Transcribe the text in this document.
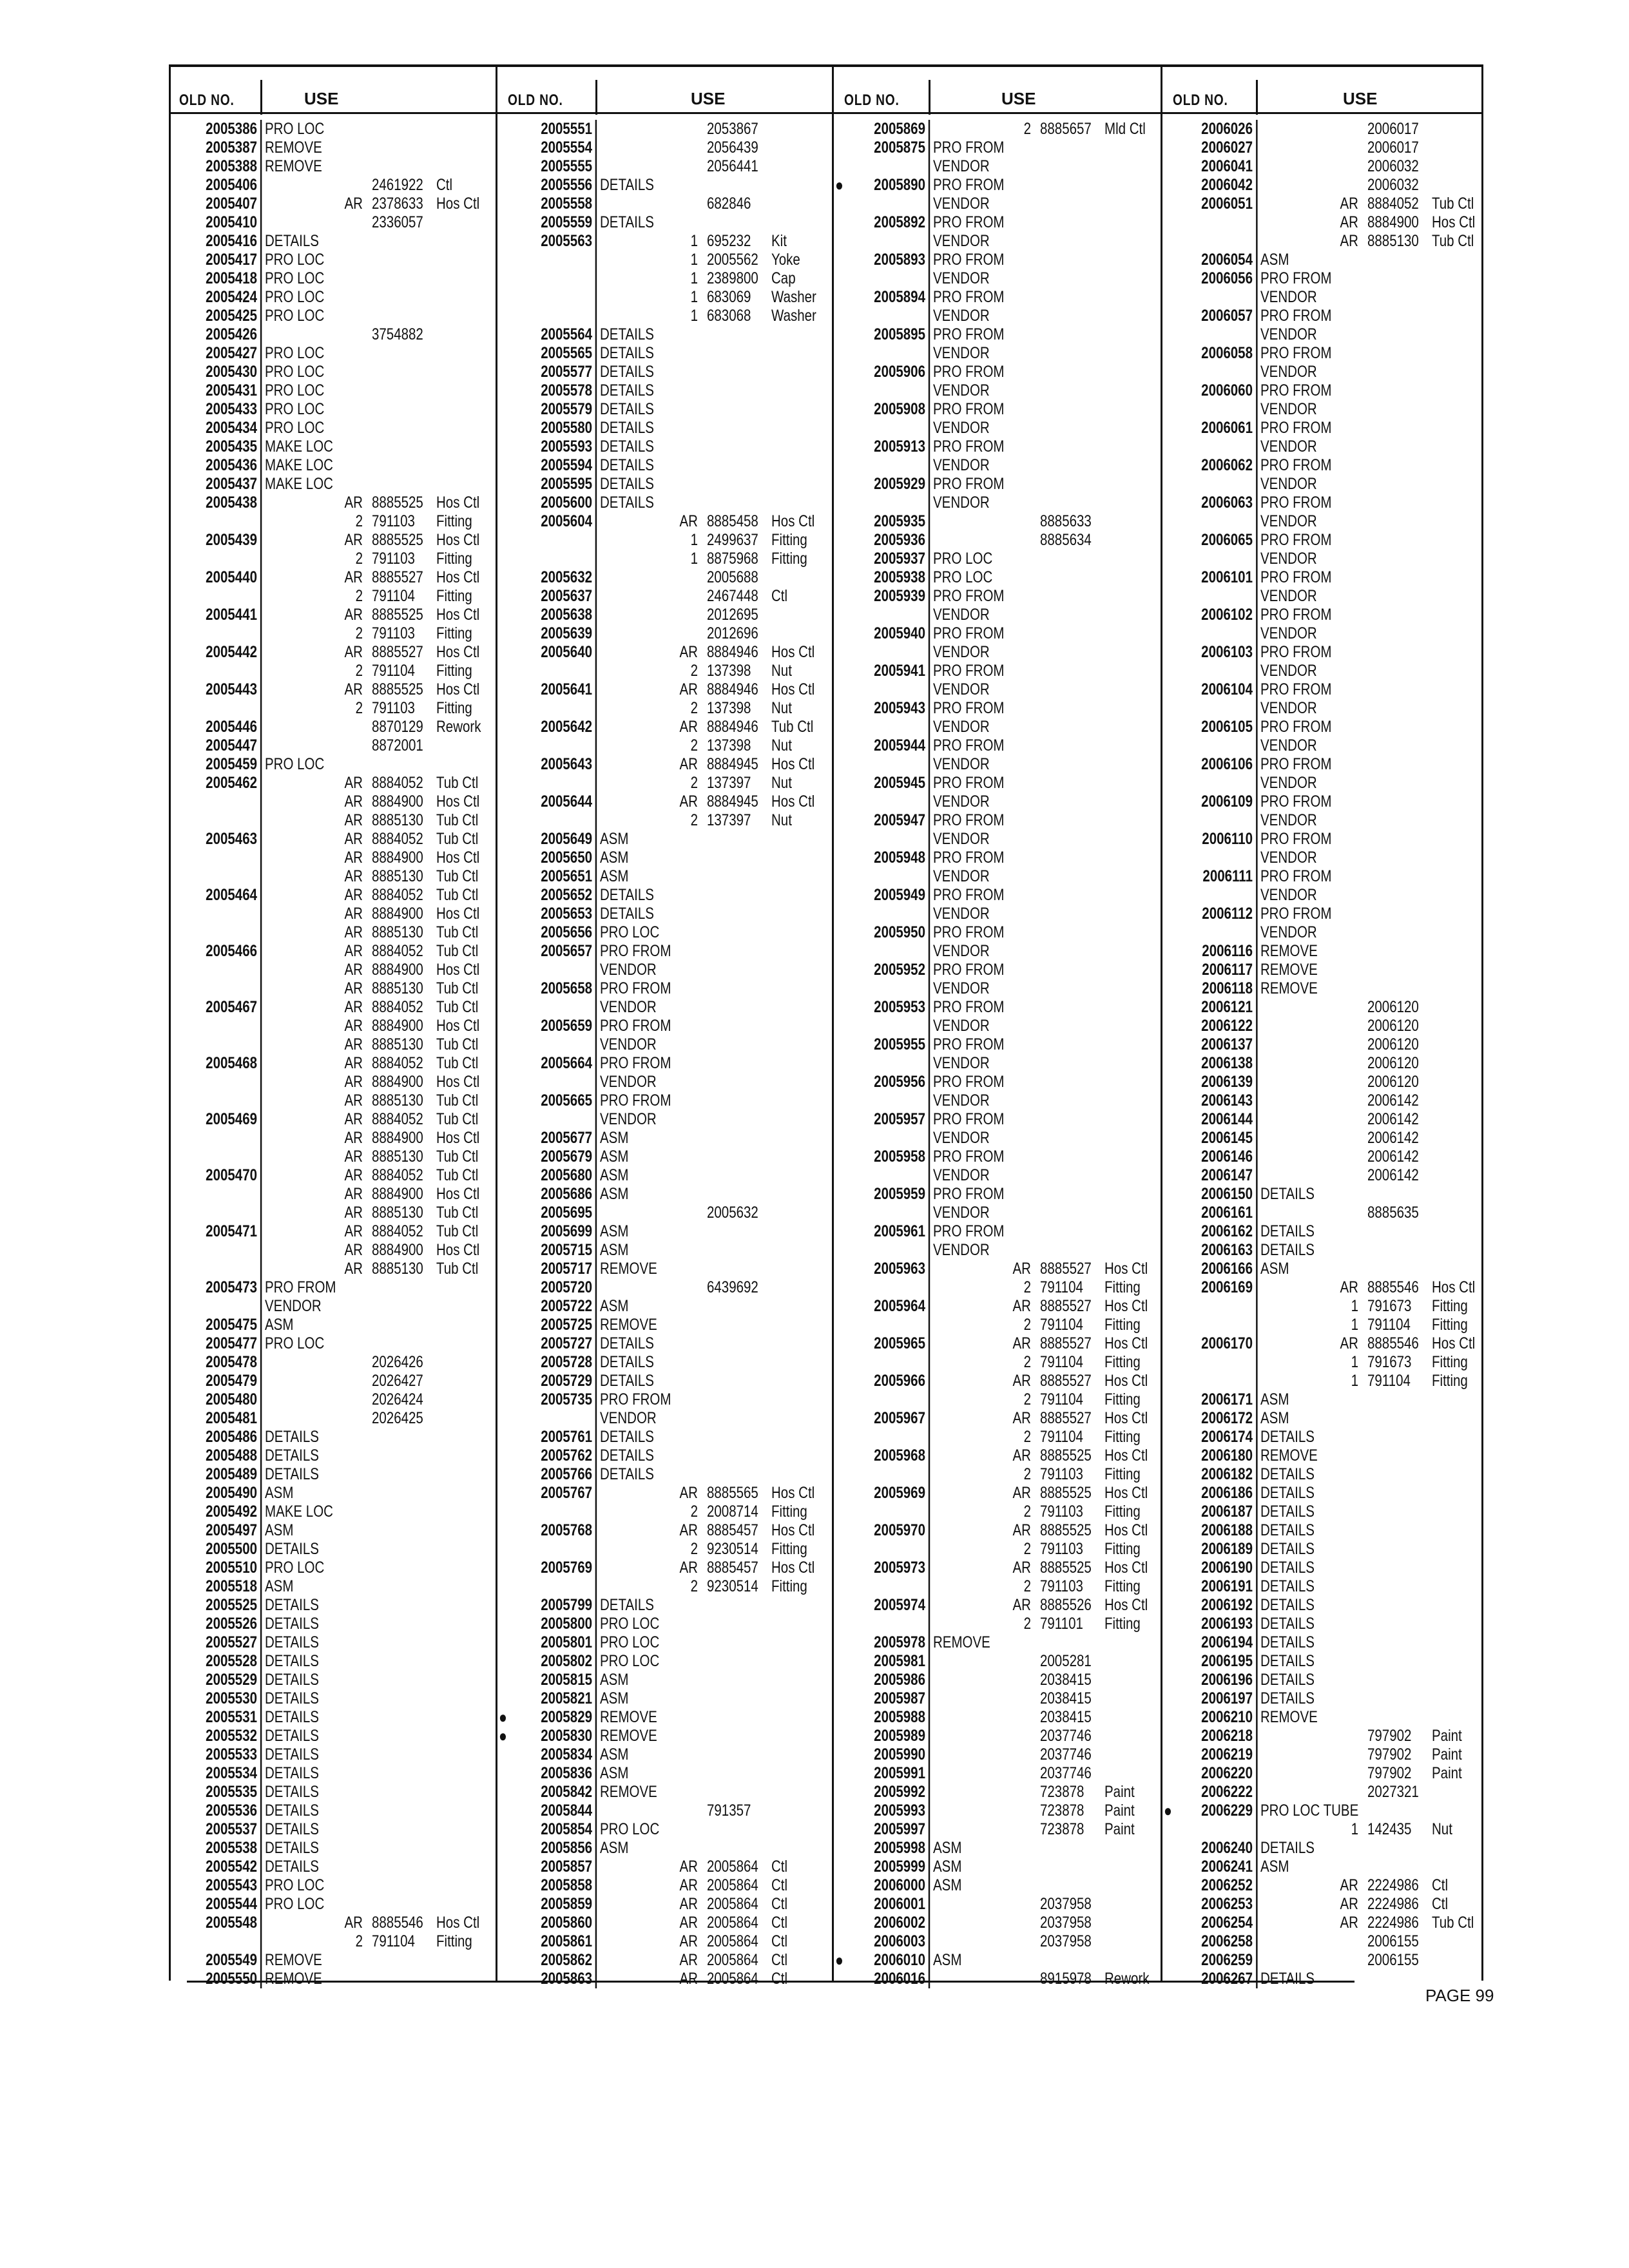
OLD NO.	USE
2005386 PRO LOC
2005387 REMOVE
2005388 REMOVE
2005406	2461922 Ctl
2005407	AR 2378633 Hos Ctl
2005410	2336057
2005416 DETAILS
2005417 PRO LOC
2005418 PRO LOC
2005424 PRO LOC
2005425 PRO LOC
2005426	3754882
2005427 PRO LOC
2005430 PRO LOC
2005431 PRO LOC
2005433 PRO LOC
2005434 PRO LOC
2005435 MAKE LOC
2005436 MAKE LOC
2005437 MAKE LOC
2005438	AR 8885525 Hos Ctl
2 791103 Fitting
2005439	AR 8885525 Hos Ctl
2 791103 Fitting
2005440	AR 8885527 Hos Ctl
2 791104 Fitting
2005441	AR 8885525 Hos Ctl
2 791103 Fitting
2005442	AR 8885527 Hos Ctl
2 791104 Fitting
2005443	AR 8885525 Hos Ctl
2 791103 Fitting
2005446	8870129 Rework
2005447	8872001
2005459 PRO LOC
2005462	AR 8884052 Tub Ctl
AR 8884900 Hos Ctl
AR 8885130 Tub Ctl
2005463	AR 8884052 Tub Ctl
AR 8884900 Hos Ctl
AR 8885130 Tub Ctl
2005464	AR 8884052 Tub Ctl
AR 8884900 Hos Ctl
AR 8885130 Tub Ctl
2005466	AR 8884052 Tub Ctl
AR 8884900 Hos Ctl
AR 8885130 Tub Ctl
2005467	AR 8884052 Tub Ctl
AR 8884900 Hos Ctl
AR 8885130 Tub Ctl
2005468	AR 8884052 Tub Ctl
AR 8884900 Hos Ctl
AR 8885130 Tub Ctl
2005469	AR 8884052 Tub Ctl
AR 8884900 Hos Ctl
AR 8885130 Tub Ctl
2005470	AR 8884052 Tub Ctl
AR 8884900 Hos Ctl
AR 8885130 Tub Ctl
2005471	AR 8884052 Tub Ctl
AR 8884900 Hos Ctl
AR 8885130 Tub Ctl
2005473 PRO FROM
VENDOR
2005475 ASM
2005477 PRO LOC
2005478	2026426
2005479	2026427
2005480	2026424
2005481	2026425
2005486 DETAILS
2005488 DETAILS
2005489 DETAILS
2005490 ASM
2005492 MAKE LOC
2005497 ASM
2005500 DETAILS
2005510 PRO LOC
2005518 ASM
2005525 DETAILS
2005526 DETAILS
2005527 DETAILS
2005528 DETAILS
2005529 DETAILS
2005530 DETAILS
2005531 DETAILS
2005532 DETAILS
2005533 DETAILS
2005534 DETAILS
2005535 DETAILS
2005536 DETAILS
2005537 DETAILS
2005538 DETAILS
2005542 DETAILS
2005543 PRO LOC
2005544 PRO LOC
2005548	AR 8885546 Hos Ctl
2 791104 Fitting
2005549 REMOVE
2005550 REMOVE
OLD NO.	USE
2005551	2053867
2005554	2056439
2005555	2056441
2005556 DETAILS
2005558	682846
2005559 DETAILS
2005563	1 695232 Kit
1 2005562 Yoke
1 2389800 Cap
1 683069 Washer
1 683068 Washer
2005564 DETAILS
2005565 DETAILS
2005577 DETAILS
2005578 DETAILS
2005579 DETAILS
2005580 DETAILS
2005593 DETAILS
2005594 DETAILS
2005595 DETAILS
2005600 DETAILS
2005604	AR 8885458 Hos Ctl
1 2499637 Fitting
1 8875968 Fitting
2005632	2005688
2005637	2467448 Ctl
2005638	2012695
2005639	2012696
2005640	AR 8884946 Hos Ctl
2 137398 Nut
2005641	AR 8884946 Hos Ctl
2 137398 Nut
2005642	AR 8884946 Tub Ctl
2 137398 Nut
2005643	AR 8884945 Hos Ctl
2 137397 Nut
2005644	AR 8884945 Hos Ctl
2 137397 Nut
2005649 ASM
2005650 ASM
2005651 ASM
2005652 DETAILS
2005653 DETAILS
2005656 PRO LOC
2005657 PRO FROM
VENDOR
2005658 PRO FROM
VENDOR
2005659 PRO FROM
VENDOR
2005664 PRO FROM
VENDOR
2005665 PRO FROM
VENDOR
2005677 ASM
2005679 ASM
2005680 ASM
2005686 ASM
2005695	2005632
2005699 ASM
2005715 ASM
2005717 REMOVE
2005720	6439692
2005722 ASM
2005725 REMOVE
2005727 DETAILS
2005728 DETAILS
2005729 DETAILS
2005735 PRO FROM
VENDOR
2005761 DETAILS
2005762 DETAILS
2005766 DETAILS
2005767	AR 8885565 Hos Ctl
2 2008714 Fitting
2005768	AR 8885457 Hos Ctl
2 9230514 Fitting
2005769	AR 8885457 Hos Ctl
2 9230514 Fitting
2005799 DETAILS
2005800 PRO LOC
2005801 PRO LOC
2005802 PRO LOC
2005815 ASM
2005821 ASM
●	2005829 REMOVE
●	2005830 REMOVE
2005834 ASM
2005836 ASM
2005842 REMOVE
2005844	791357
2005854 PRO LOC
2005856 ASM
2005857	AR 2005864 Ctl
2005858	AR 2005864 Ctl
2005859	AR 2005864 Ctl
2005860	AR 2005864 Ctl
2005861	AR 2005864 Ctl
2005862	AR 2005864 Ctl
2005863	AR 2005864 Ctl
OLD NO.	USE
2005869	2 8885657 Mld Ctl
2005875 PRO FROM
VENDOR
●	2005890 PRO FROM
VENDOR
2005892 PRO FROM
VENDOR
2005893 PRO FROM
VENDOR
2005894 PRO FROM
VENDOR
2005895 PRO FROM
VENDOR
2005906 PRO FROM
VENDOR
2005908 PRO FROM
VENDOR
2005913 PRO FROM
VENDOR
2005929 PRO FROM
VENDOR
2005935	8885633
2005936	8885634
2005937 PRO LOC
2005938 PRO LOC
2005939 PRO FROM
VENDOR
2005940 PRO FROM
VENDOR
2005941 PRO FROM
VENDOR
2005943 PRO FROM
VENDOR
2005944 PRO FROM
VENDOR
2005945 PRO FROM
VENDOR
2005947 PRO FROM
VENDOR
2005948 PRO FROM
VENDOR
2005949 PRO FROM
VENDOR
2005950 PRO FROM
VENDOR
2005952 PRO FROM
VENDOR
2005953 PRO FROM
VENDOR
2005955 PRO FROM
VENDOR
2005956 PRO FROM
VENDOR
2005957 PRO FROM
VENDOR
2005958 PRO FROM
VENDOR
2005959 PRO FROM
VENDOR
2005961 PRO FROM
VENDOR
2005963	AR 8885527 Hos Ctl
2 791104 Fitting
2005964	AR 8885527 Hos Ctl
2 791104 Fitting
2005965	AR 8885527 Hos Ctl
2 791104 Fitting
2005966	AR 8885527 Hos Ctl
2 791104 Fitting
2005967	AR 8885527 Hos Ctl
2 791104 Fitting
2005968	AR 8885525 Hos Ctl
2 791103 Fitting
2005969	AR 8885525 Hos Ctl
2 791103 Fitting
2005970	AR 8885525 Hos Ctl
2 791103 Fitting
2005973	AR 8885525 Hos Ctl
2 791103 Fitting
2005974	AR 8885526 Hos Ctl
2 791101 Fitting
2005978 REMOVE
2005981	2005281
2005986	2038415
2005987	2038415
2005988	2038415
2005989	2037746
2005990	2037746
2005991	2037746
2005992	723878 Paint
2005993	723878 Paint
2005997	723878 Paint
2005998 ASM
2005999 ASM
2006000 ASM
2006001	2037958
2006002	2037958
2006003	2037958
●	2006010 ASM
2006016	8915978 Rework
OLD NO.	USE
2006026	2006017
2006027	2006017
2006041	2006032
2006042	2006032
2006051	AR 8884052 Tub Ctl
AR 8884900 Hos Ctl
AR 8885130 Tub Ctl
2006054 ASM
2006056 PRO FROM
VENDOR
2006057 PRO FROM
VENDOR
2006058 PRO FROM
VENDOR
2006060 PRO FROM
VENDOR
2006061 PRO FROM
VENDOR
2006062 PRO FROM
VENDOR
2006063 PRO FROM
VENDOR
2006065 PRO FROM
VENDOR
2006101 PRO FROM
VENDOR
2006102 PRO FROM
VENDOR
2006103 PRO FROM
VENDOR
2006104 PRO FROM
VENDOR
2006105 PRO FROM
VENDOR
2006106 PRO FROM
VENDOR
2006109 PRO FROM
VENDOR
2006110 PRO FROM
VENDOR
2006111 PRO FROM
VENDOR
2006112 PRO FROM
VENDOR
2006116 REMOVE
2006117 REMOVE
2006118 REMOVE
2006121	2006120
2006122	2006120
2006137	2006120
2006138	2006120
2006139	2006120
2006143	2006142
2006144	2006142
2006145	2006142
2006146	2006142
2006147	2006142
2006150 DETAILS
2006161	8885635
2006162 DETAILS
2006163 DETAILS
2006166 ASM
2006169	AR 8885546 Hos Ctl
1 791673 Fitting
1 791104 Fitting
2006170	AR 8885546 Hos Ctl
1 791673 Fitting
1 791104 Fitting
2006171 ASM
2006172 ASM
2006174 DETAILS
2006180 REMOVE
2006182 DETAILS
2006186 DETAILS
2006187 DETAILS
2006188 DETAILS
2006189 DETAILS
2006190 DETAILS
2006191 DETAILS
2006192 DETAILS
2006193 DETAILS
2006194 DETAILS
2006195 DETAILS
2006196 DETAILS
2006197 DETAILS
2006210 REMOVE
2006218	797902 Paint
2006219	797902 Paint
2006220	797902 Paint
2006222	2027321
●	2006229 PRO LOC TUBE
1 142435 Nut
2006240 DETAILS
2006241 ASM
2006252	AR 2224986 Ctl
2006253	AR 2224986 Ctl
2006254	AR 2224986 Tub Ctl
2006258	2006155
2006259	2006155
2006267 DETAILS
PAGE 99
